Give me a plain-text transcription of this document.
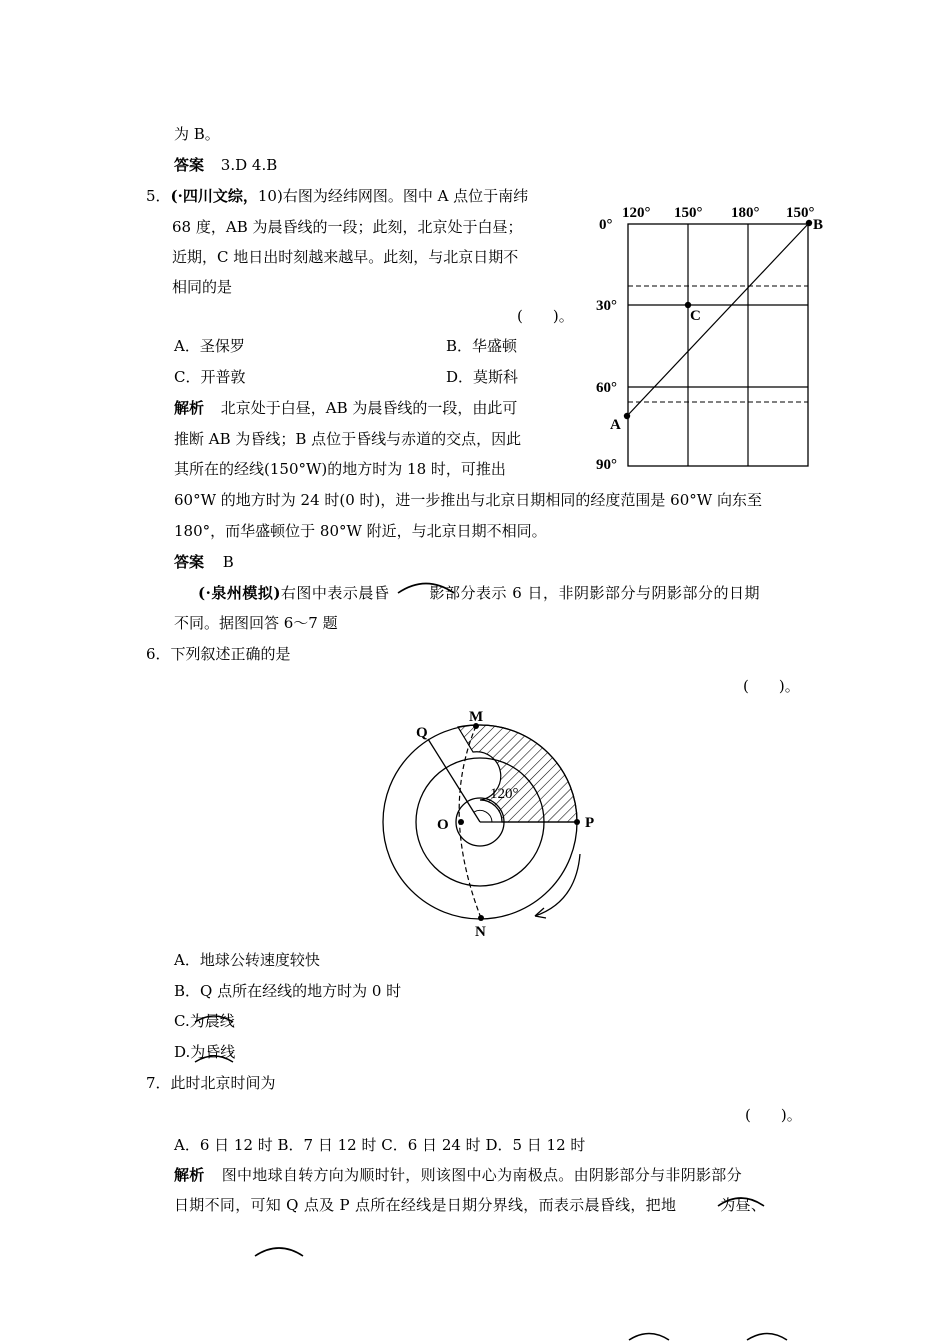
为 B。
答案 3.D 4.B
5．(·四川文综，10)右图为经纬网图。图中 A 点位于南纬
68 度，AB 为晨昏线的一段；此刻，北京处于白昼；
近期，C 地日出时刻越来越早。此刻，与北京日期不
相同的是
(　　)。
A．圣保罗	B．华盛顿
C．开普敦	D．莫斯科
解析 北京处于白昼，AB 为晨昏线的一段，由此可
推断 AB 为昏线；B 点位于昏线与赤道的交点，因此
其所在的经线(150°W)的地方时为 18 时，可推出
60°W 的地方时为 24 时(0 时)，进一步推出与北京日期相同的经度范围是 60°W 向东至
180°，而华盛顿位于 80°W 附近，与北京日期不相同。
答案 B
(·泉州模拟)右图中表示晨昏	影部分表示 6 日，非阴影部分与阴影部分的日期
不同。据图回答 6～7 题
6．下列叙述正确的是
(　　)。
A．地球公转速度较快
B．Q 点所在经线的地方时为 0 时
C.为晨线
D.为昏线
7．此时北京时间为
(　　)。
A．6 日 12 时 B．7 日 12 时 C．6 日 24 时 D．5 日 12 时
解析 图中地球自转方向为顺时针，则该图中心为南极点。由阴影部分与非阴影部分
日期不同，可知 Q 点及 P 点所在经线是日期分界线，而表示晨昏线，把地	为昼、
120° 150° 180° 150°
0°
30°
60°
90°
A
B
C
Q
M
O	P
N
120°
